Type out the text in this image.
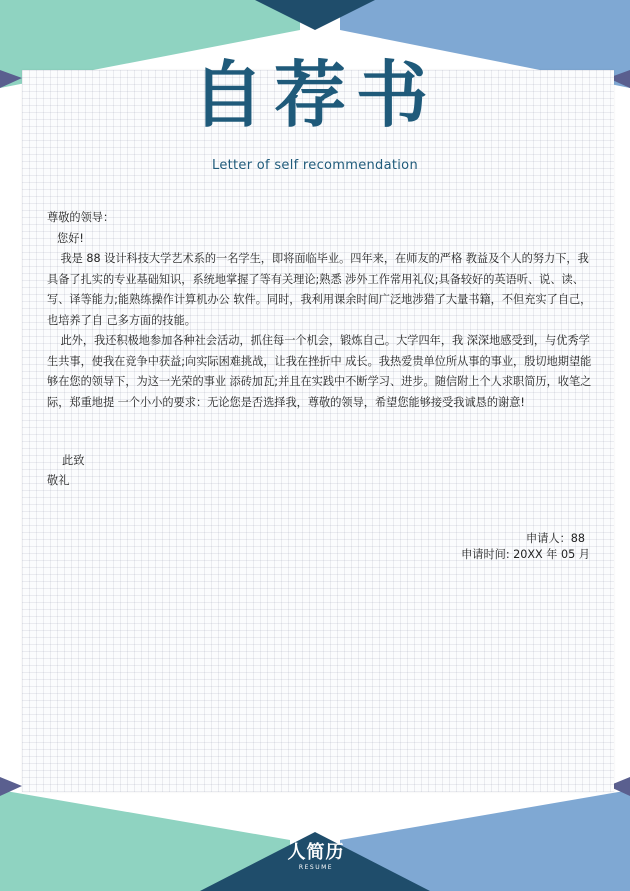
自荐书
Letter of self recommendation

尊敬的领导：

您好!

我是 88 设计科技大学艺术系的一名学生，即将面临毕业。四年来，在师友的严格 教益及个人的努力下，我具备了扎实的专业基础知识，系统地掌握了等有关理论;熟悉 涉外工作常用礼仪;具备较好的英语听、说、读、写、译等能力;能熟练操作计算机办公 软件。同时，我利用课余时间广泛地涉猎了大量书籍，不但充实了自己，也培养了自 己多方面的技能。

此外，我还积极地参加各种社会活动，抓住每一个机会，锻炼自己。大学四年，我 深深地感受到，与优秀学生共事，使我在竞争中获益;向实际困难挑战，让我在挫折中 成长。我热爱贵单位所从事的事业，殷切地期望能够在您的领导下，为这一光荣的事业 添砖加瓦;并且在实践中不断学习、进步。随信附上个人求职简历，收笔之际，郑重地提 一个小小的要求：无论您是否选择我，尊敬的领导，希望您能够接受我诚恳的谢意!

此致
敬礼
申请人：88
申请时间: 20XX 年 05 月
人简历
RESUME
